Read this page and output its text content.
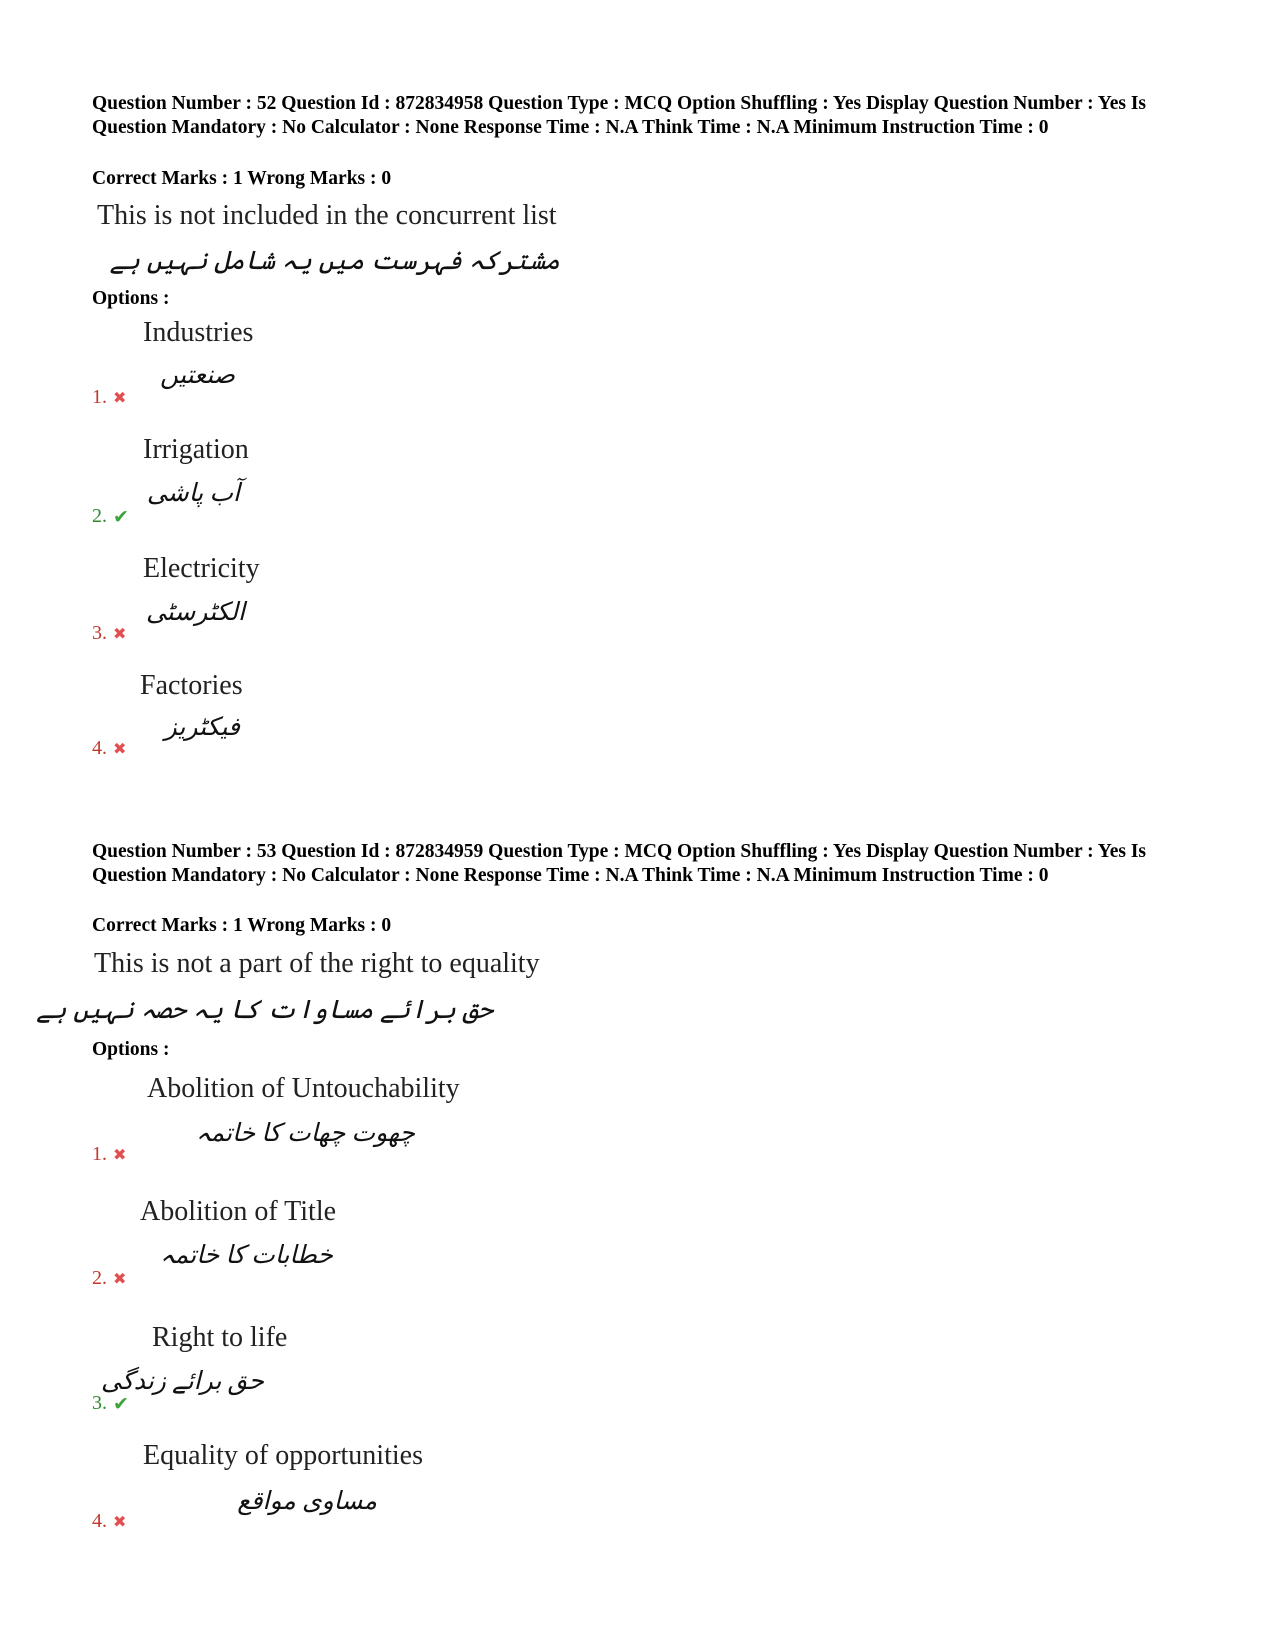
Question Number : 52 Question Id : 872834958 Question Type : MCQ Option Shuffling : Yes Display Question Number : Yes Is Question Mandatory : No Calculator : None Response Time : N.A Think Time : N.A Minimum Instruction Time : 0
Correct Marks : 1 Wrong Marks : 0
This is not included in the concurrent list
مشترکہ فہرست میں یہ شامل نہیں ہے
Options :
Industries
صنعتیں
1. ✖
Irrigation
آب پاشی
2. ✔
Electricity
الکٹرسٹی
3. ✖
Factories
فیکٹریز
4. ✖
Question Number : 53 Question Id : 872834959 Question Type : MCQ Option Shuffling : Yes Display Question Number : Yes Is Question Mandatory : No Calculator : None Response Time : N.A Think Time : N.A Minimum Instruction Time : 0
Correct Marks : 1 Wrong Marks : 0
This is not a part of the right to equality
حق برائے مساوات کا یہ حصہ نہیں ہے
Options :
Abolition of Untouchability
چھوت چھات کا خاتمہ
1. ✖
Abolition of Title
خطابات کا خاتمہ
2. ✖
Right to life
حق برائے زندگی
3. ✔
Equality of opportunities
مساوی مواقع
4. ✖
